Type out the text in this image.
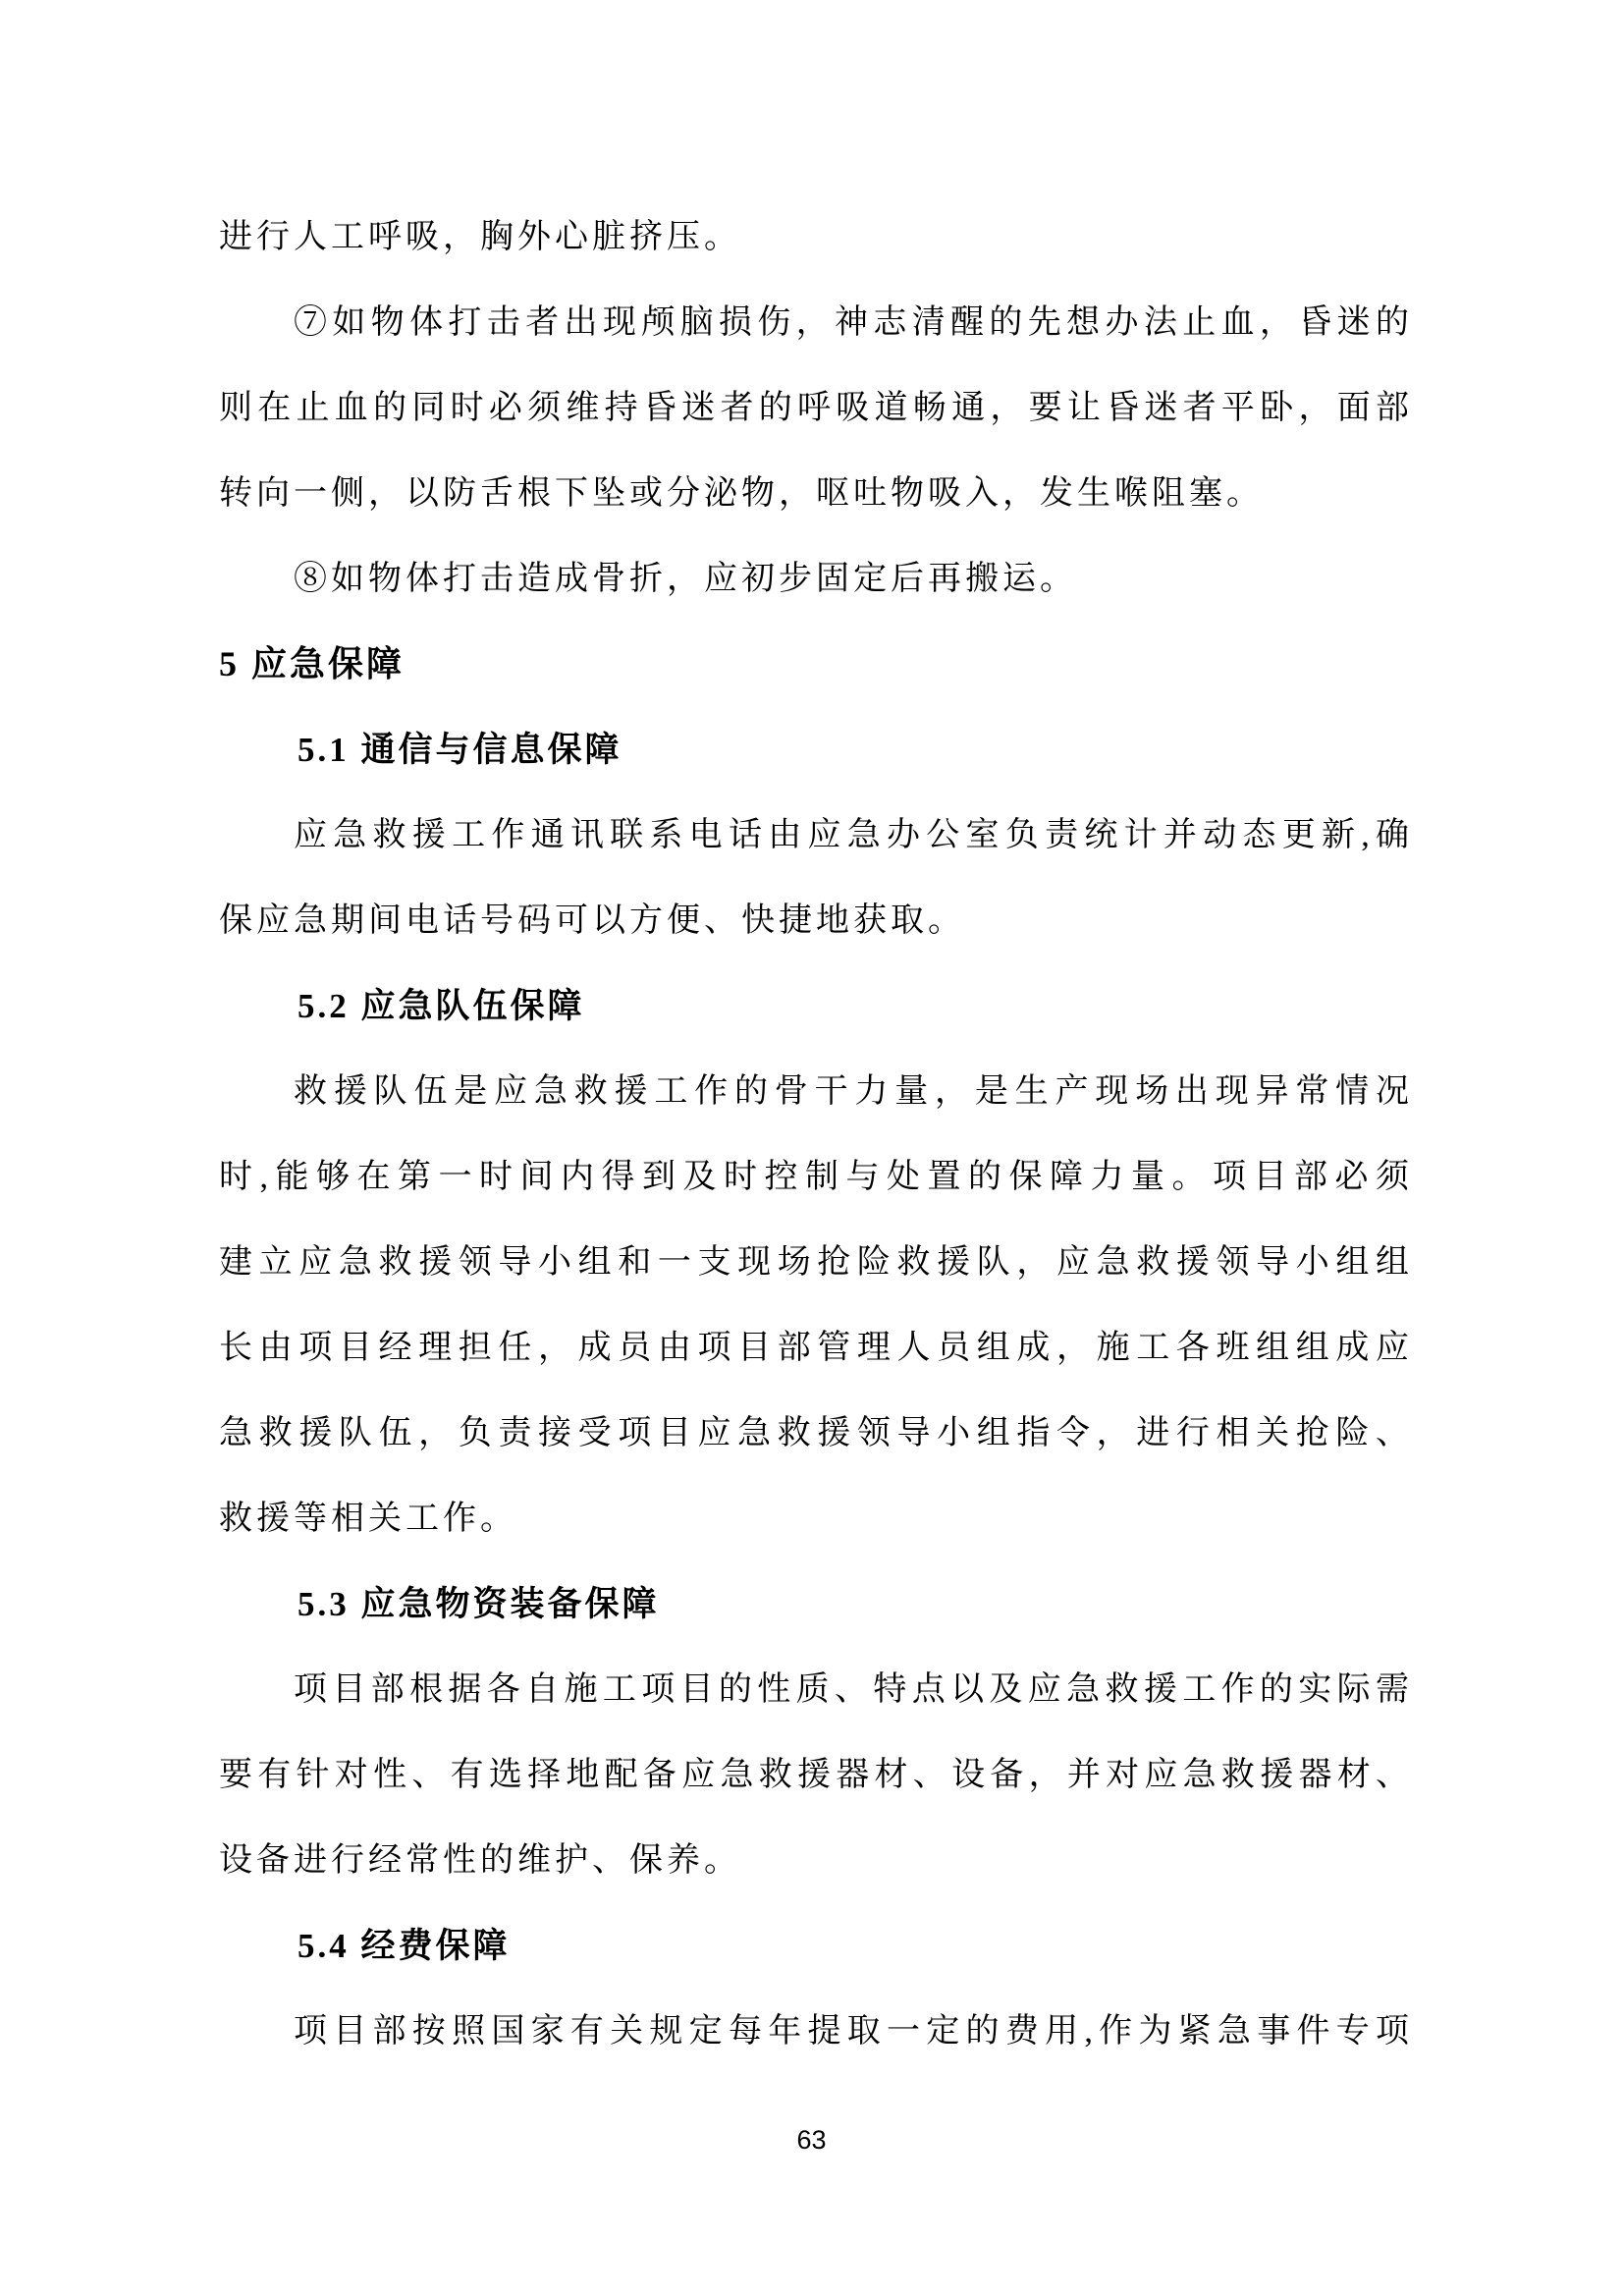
进行人工呼吸，胸外心脏挤压。
⑦如物体打击者出现颅脑损伤，神志清醒的先想办法止血，昏迷的
则在止血的同时必须维持昏迷者的呼吸道畅通，要让昏迷者平卧，面部
转向一侧，以防舌根下坠或分泌物，呕吐物吸入，发生喉阻塞。
⑧如物体打击造成骨折，应初步固定后再搬运。
5 应急保障
5.1 通信与信息保障
应急救援工作通讯联系电话由应急办公室负责统计并动态更新,确
保应急期间电话号码可以方便、快捷地获取。
5.2 应急队伍保障
救援队伍是应急救援工作的骨干力量，是生产现场出现异常情况
时,能够在第一时间内得到及时控制与处置的保障力量。项目部必须
建立应急救援领导小组和一支现场抢险救援队，应急救援领导小组组
长由项目经理担任，成员由项目部管理人员组成，施工各班组组成应
急救援队伍，负责接受项目应急救援领导小组指令，进行相关抢险、
救援等相关工作。
5.3 应急物资装备保障
项目部根据各自施工项目的性质、特点以及应急救援工作的实际需
要有针对性、有选择地配备应急救援器材、设备，并对应急救援器材、
设备进行经常性的维护、保养。
5.4 经费保障
项目部按照国家有关规定每年提取一定的费用,作为紧急事件专项
63
